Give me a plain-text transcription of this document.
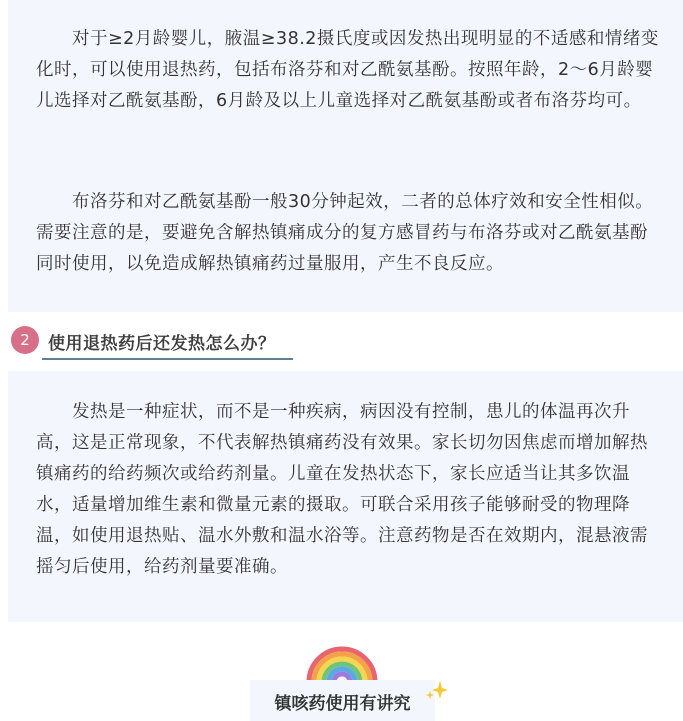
对于≥2月龄婴儿，腋温≥38.2摄氏度或因发热出现明显的不适感和情绪变化时，可以使用退热药，包括布洛芬和对乙酰氨基酚。按照年龄，2～6月龄婴儿选择对乙酰氨基酚，6月龄及以上儿童选择对乙酰氨基酚或者布洛芬均可。

布洛芬和对乙酰氨基酚一般30分钟起效，二者的总体疗效和安全性相似。需要注意的是，要避免含解热镇痛成分的复方感冒药与布洛芬或对乙酰氨基酚同时使用，以免造成解热镇痛药过量服用，产生不良反应。

2	使用退热药后还发热怎么办？

发热是一种症状，而不是一种疾病，病因没有控制，患儿的体温再次升高，这是正常现象，不代表解热镇痛药没有效果。家长切勿因焦虑而增加解热镇痛药的给药频次或给药剂量。儿童在发热状态下，家长应适当让其多饮温水，适量增加维生素和微量元素的摄取。可联合采用孩子能够耐受的物理降温，如使用退热贴、温水外敷和温水浴等。注意药物是否在效期内，混悬液需摇匀后使用，给药剂量要准确。

镇咳药使用有讲究
